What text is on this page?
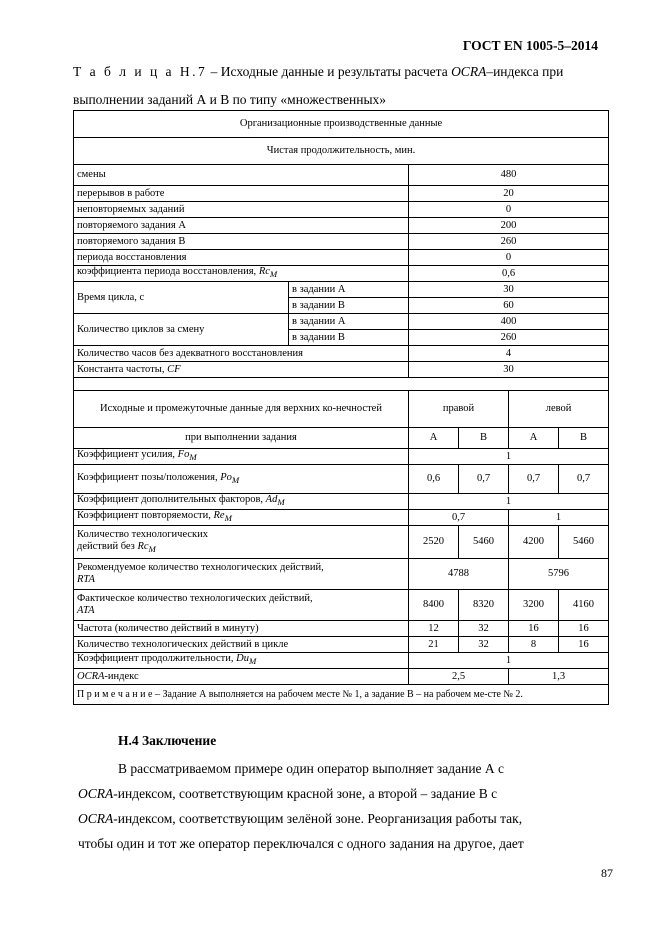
ГОСТ EN 1005-5–2014
Т а б л и ц а Н.7 – Исходные данные и результаты расчета OCRA–индекса при выполнении заданий А и В по типу «множественных»
Организационные производственные данные					
Чистая продолжительность, мин.					
смены		480			
перерывов в работе		20			
неповторяемых заданий		0			
повторяемого задания А		200			
повторяемого задания В		260			
периода восстановления		0			
коэффициента периода восстановления, $Rc_M$		0,6			
Время цикла, с	в задании А	30			
	в задании В	60			
Количество циклов за смену	в задании А	400			
	в задании В	260			
Количество часов без адекватного восстановления		4			
Константа частоты, CF		30			

Исходные и промежуточные данные для верхних ко-нечностей		правой		левой	
при выполнении задания		А	В	А	В
Коэффициент усилия, $Fo_M$		1			
Коэффициент позы/положения, $Po_M$		0,6	0,7	0,7	0,7
Коэффициент дополнительных факторов, $Ad_M$		1			
Коэффициент повторяемости, $Re_M$		0,7		1	
Количество технологических
действий без $Rc_M$		2520	5460	4200	5460
Рекомендуемое количество технологических действий,
RTA		4788		5796	
Фактическое количество технологических действий,
ATA		8400	8320	3200	4160
Частота (количество действий в минуту)		12	32	16	16
Количество технологических действий в цикле		21	32	8	16
Коэффициент продолжительности, $Du_M$		1			
OCRA-индекс		2,5		1,3	
П р и м е ч а н и е – Задание А выполняется на рабочем месте № 1, а задание В – на рабочем ме-сте № 2.					
Н.4 Заключение

В рассматриваемом примере один оператор выполняет задание А с

OCRA-индексом, соответствующим красной зоне, а второй – задание В с
OCRA-индексом, соответствующим зелёной зоне. Реорганизация работы так,
чтобы один и тот же оператор переключался с одного задания на другое, дает
87
